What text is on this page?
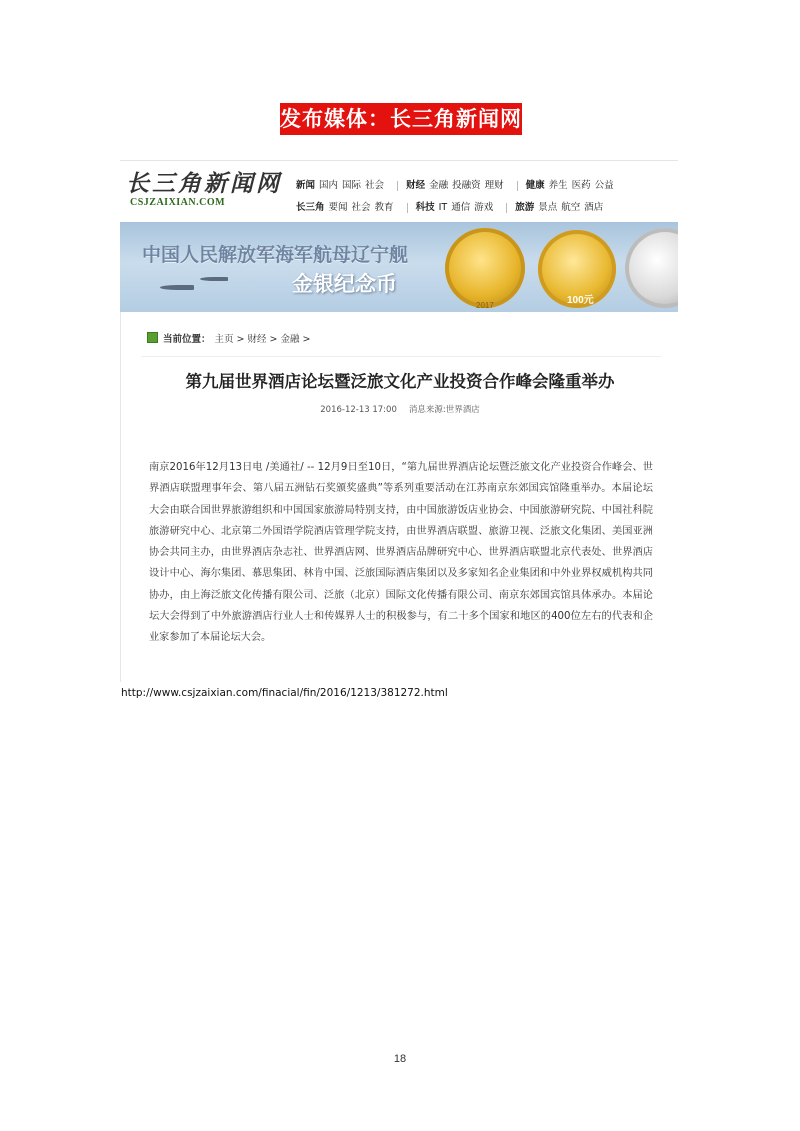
发布媒体：长三角新闻网
长三角新闻网
CSJZAIXIAN.COM
新闻 国内 国际 社会 财经 金融 投融资 理财 健康 养生 医药 公益
长三角 要闻 社会 教育 科技 IT 通信 游戏 旅游 景点 航空 酒店
中国人民解放军海军航母辽宁舰
金银纪念币
100元
2017
当前位置： 主页 > 财经 > 金融 >
第九届世界酒店论坛暨泛旅文化产业投资合作峰会隆重举办
2016-12-13 17:00 消息来源:世界酒店
南京2016年12月13日电 /美通社/ -- 12月9日至10日，“第九届世界酒店论坛暨泛旅文化产业投资合作峰会、世界酒店联盟理事年会、第八届五洲钻石奖颁奖盛典”等系列重要活动在江苏南京东郊国宾馆隆重举办。本届论坛大会由联合国世界旅游组织和中国国家旅游局特别支持，由中国旅游饭店业协会、中国旅游研究院、中国社科院旅游研究中心、北京第二外国语学院酒店管理学院支持，由世界酒店联盟、旅游卫视、泛旅文化集团、美国亚洲协会共同主办，由世界酒店杂志社、世界酒店网、世界酒店品牌研究中心、世界酒店联盟北京代表处、世界酒店设计中心、海尔集团、慕思集团、林肯中国、泛旅国际酒店集团以及多家知名企业集团和中外业界权威机构共同协办，由上海泛旅文化传播有限公司、泛旅（北京）国际文化传播有限公司、南京东郊国宾馆具体承办。本届论坛大会得到了中外旅游酒店行业人士和传媒界人士的积极参与，有二十多个国家和地区的400位左右的代表和企业家参加了本届论坛大会。
http://www.csjzaixian.com/finacial/fin/2016/1213/381272.html
18
